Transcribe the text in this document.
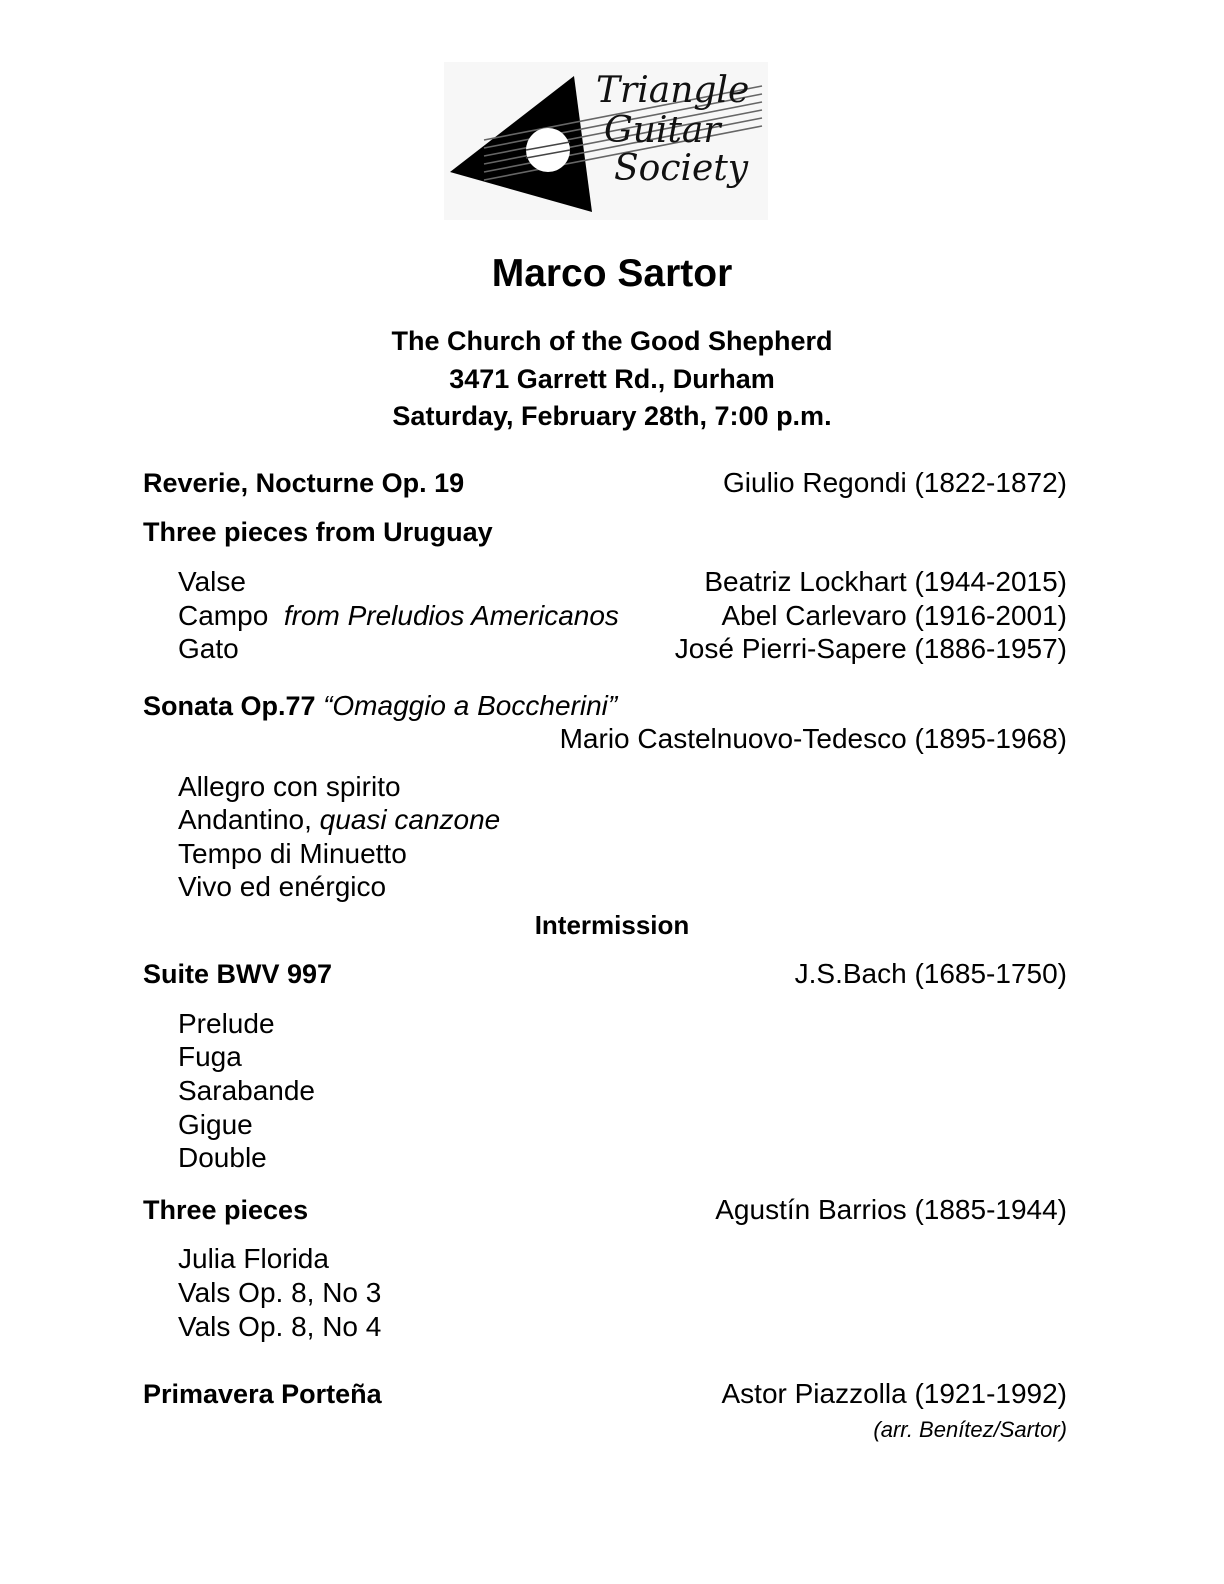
Triangle
Guitar
Society
Marco Sartor
The Church of the Good Shepherd
3471 Garrett Rd., Durham
Saturday, February 28th, 7:00 p.m.
Reverie, Nocturne Op. 19	Giulio Regondi (1822-1872)
Three pieces from Uruguay
Valse	Beatriz Lockhart (1944-2015)
Campo from Preludios Americanos	Abel Carlevaro (1916-2001)
Gato	José Pierri-Sapere (1886-1957)
Sonata Op.77 “Omaggio a Boccherini”
Mario Castelnuovo-Tedesco (1895-1968)
Allegro con spirito
Andantino, quasi canzone
Tempo di Minuetto
Vivo ed enérgico
Intermission
Suite BWV 997	J.S.Bach (1685-1750)
Prelude
Fuga
Sarabande
Gigue
Double
Three pieces	Agustín Barrios (1885-1944)
Julia Florida
Vals Op. 8, No 3
Vals Op. 8, No 4
Primavera Porteña	Astor Piazzolla (1921-1992)
(arr. Benítez/Sartor)
